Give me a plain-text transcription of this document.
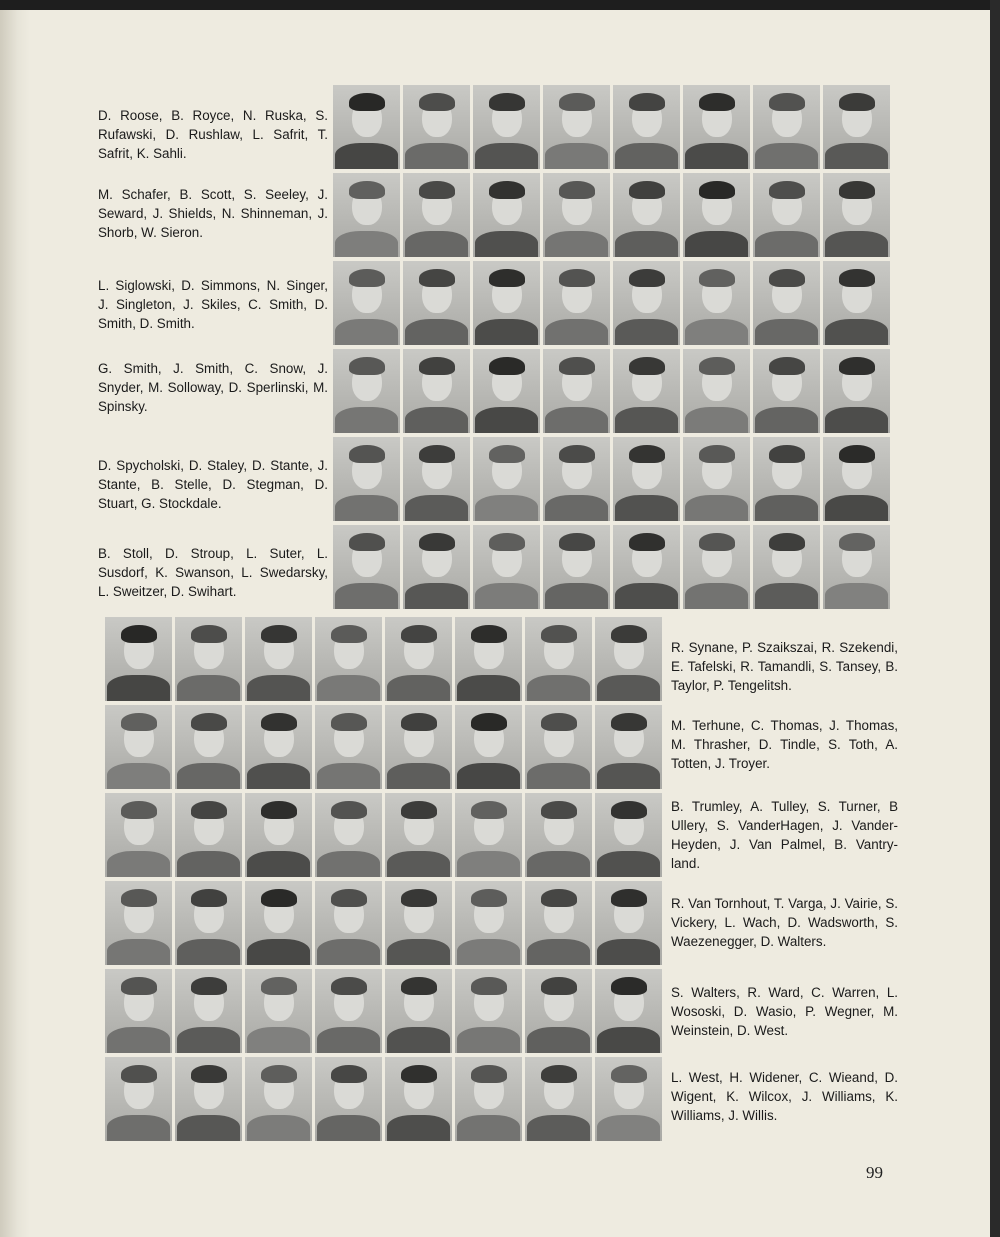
D. Roose, B. Royce, N. Ruska, S. Rufawski, D. Rushlaw, L. Safrit, T. Safrit, K. Sahli.
M. Schafer, B. Scott, S. Seeley, J. Seward, J. Shields, N. Shinneman, J. Shorb, W. Sieron.
L. Siglowski, D. Simmons, N. Singer, J. Singleton, J. Skiles, C. Smith, D. Smith, D. Smith.
G. Smith, J. Smith, C. Snow, J. Snyder, M. Solloway, D. Sperlinski, M. Spinsky.
D. Spycholski, D. Staley, D. Stante, J. Stante, B. Stelle, D. Stegman, D. Stuart, G. Stockdale.
B. Stoll, D. Stroup, L. Suter, L. Susdorf, K. Swanson, L. Swedarsky, L. Sweitzer, D. Swihart.
R. Synane, P. Szaikszai, R. Szekendi, E. Tafelski, R. Tamandli, S. Tansey, B. Taylor, P. Tengelitsh.
M. Terhune, C. Thomas, J. Thomas, M. Thrasher, D. Tindle, S. Toth, A. Totten, J. Troyer.
B. Trumley, A. Tulley, S. Turner, B Ullery, S. VanderHagen, J. Vander-Heyden, J. Van Palmel, B. Vantry-land.
R. Van Tornhout, T. Varga, J. Vairie, S. Vickery, L. Wach, D. Wadsworth, S. Waezenegger, D. Walters.
S. Walters, R. Ward, C. Warren, L. Wososki, D. Wasio, P. Wegner, M. Weinstein, D. West.
L. West, H. Widener, C. Wieand, D. Wigent, K. Wilcox, J. Williams, K. Williams, J. Willis.
99
